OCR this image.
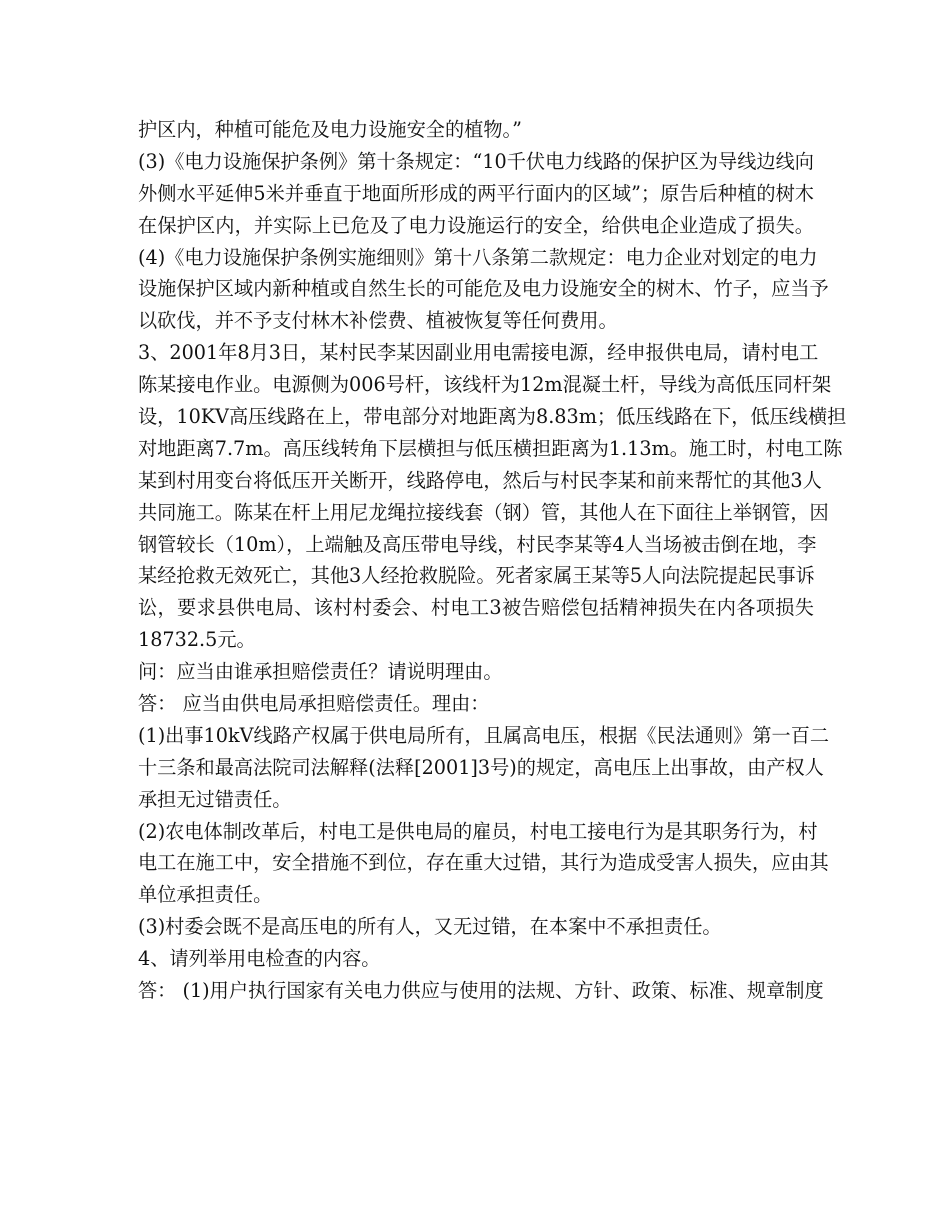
护区内，种植可能危及电力设施安全的植物。”
(3)《电力设施保护条例》第十条规定：“10千伏电力线路的保护区为导线边线向
外侧水平延伸5米并垂直于地面所形成的两平行面内的区域”；原告后种植的树木
在保护区内，并实际上已危及了电力设施运行的安全，给供电企业造成了损失。
(4)《电力设施保护条例实施细则》第十八条第二款规定：电力企业对划定的电力
设施保护区域内新种植或自然生长的可能危及电力设施安全的树木、竹子，应当予
以砍伐，并不予支付林木补偿费、植被恢复等任何费用。
3、2001年8月3日，某村民李某因副业用电需接电源，经申报供电局，请村电工
陈某接电作业。电源侧为006号杆，该线杆为12m混凝土杆，导线为高低压同杆架
设，10KV高压线路在上，带电部分对地距离为8.83m；低压线路在下，低压线横担
对地距离7.7m。高压线转角下层横担与低压横担距离为1.13m。施工时，村电工陈
某到村用变台将低压开关断开，线路停电，然后与村民李某和前来帮忙的其他3人
共同施工。陈某在杆上用尼龙绳拉接线套（钢）管，其他人在下面往上举钢管，因
钢管较长（10m），上端触及高压带电导线，村民李某等4人当场被击倒在地，李
某经抢救无效死亡，其他3人经抢救脱险。死者家属王某等5人向法院提起民事诉
讼，要求县供电局、该村村委会、村电工3被告赔偿包括精神损失在内各项损失
18732.5元。
问：应当由谁承担赔偿责任？请说明理由。
答： 应当由供电局承担赔偿责任。理由：
(1)出事10kV线路产权属于供电局所有，且属高电压，根据《民法通则》第一百二
十三条和最高法院司法解释(法释[2001]3号)的规定，高电压上出事故，由产权人
承担无过错责任。
(2)农电体制改革后，村电工是供电局的雇员，村电工接电行为是其职务行为，村
电工在施工中，安全措施不到位，存在重大过错，其行为造成受害人损失，应由其
单位承担责任。
(3)村委会既不是高压电的所有人，又无过错，在本案中不承担责任。
4、请列举用电检查的内容。
答： (1)用户执行国家有关电力供应与使用的法规、方针、政策、标准、规章制度
